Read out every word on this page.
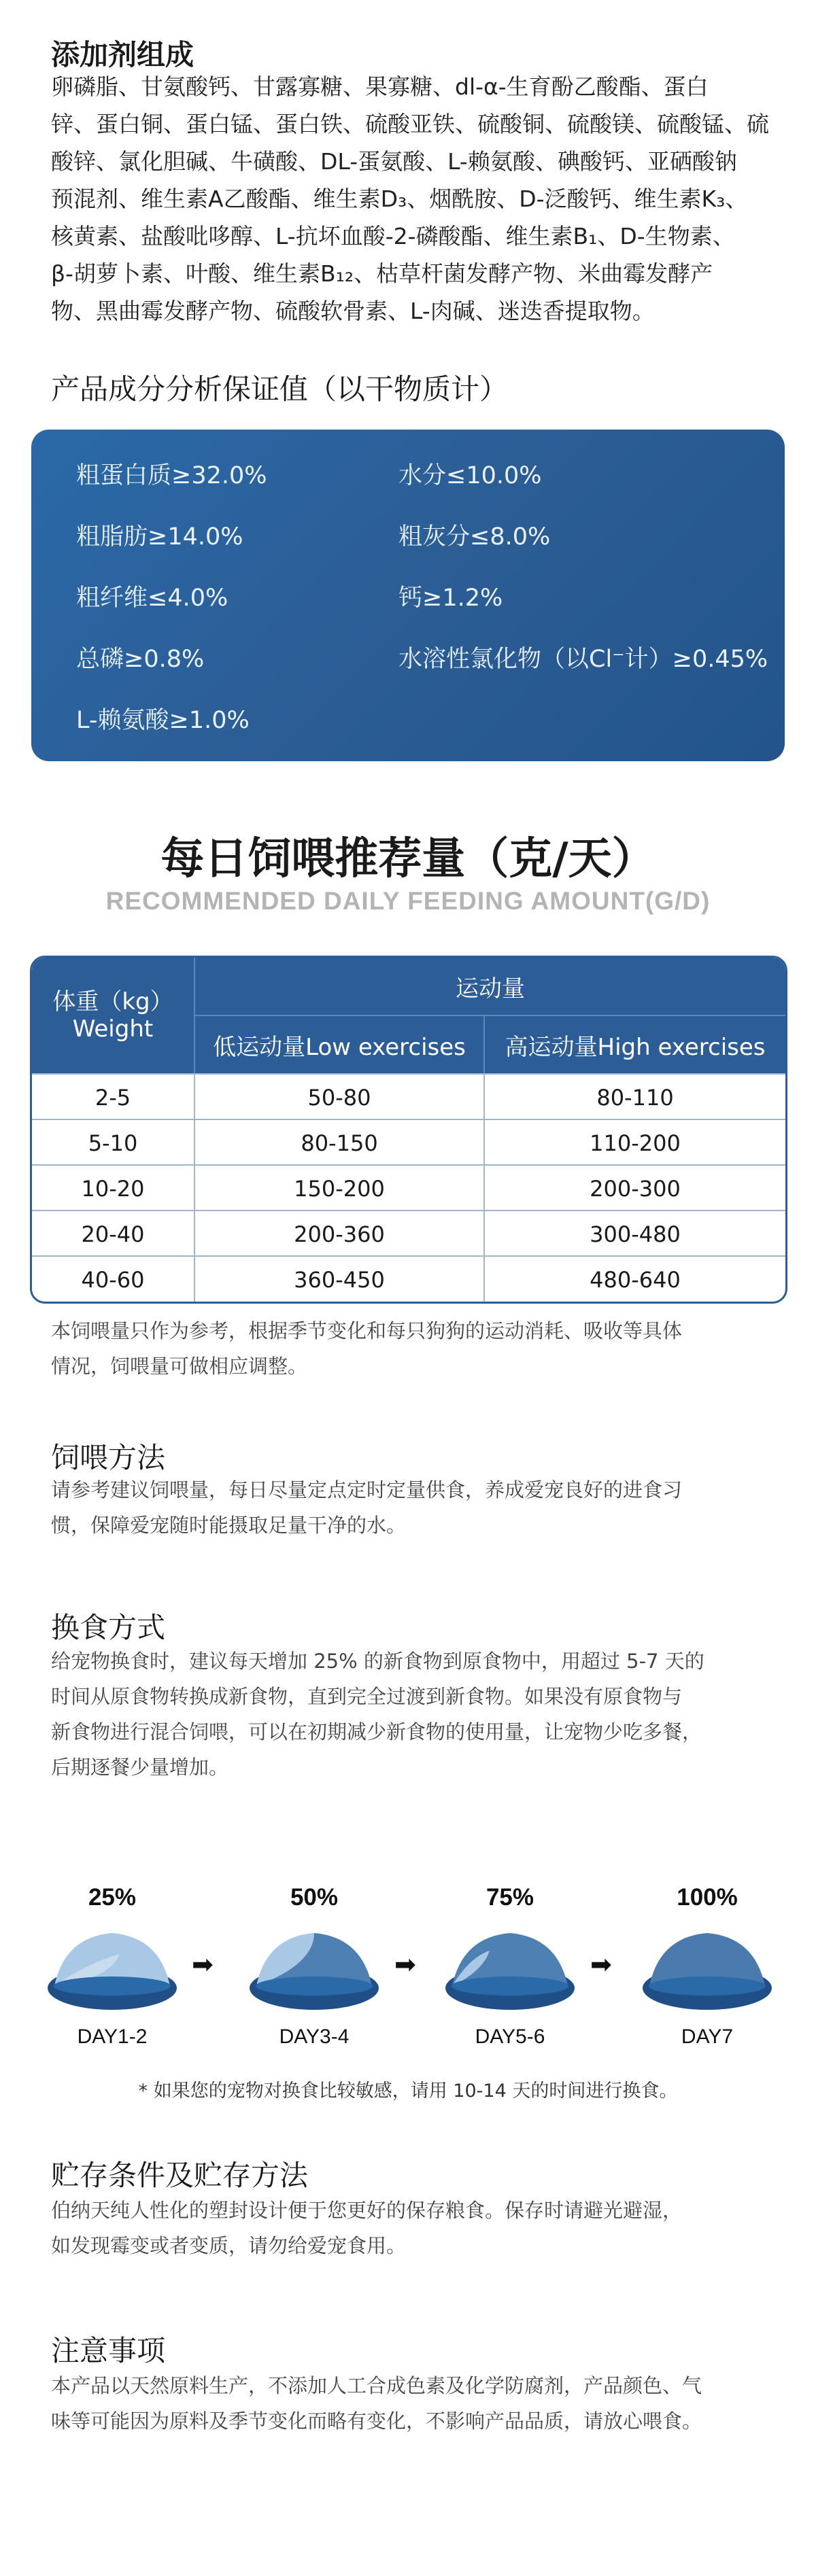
添加剂组成
卵磷脂、甘氨酸钙、甘露寡糖、果寡糖、dl-α-生育酚乙酸酯、蛋白
锌、蛋白铜、蛋白锰、蛋白铁、硫酸亚铁、硫酸铜、硫酸镁、硫酸锰、硫
酸锌、氯化胆碱、牛磺酸、DL-蛋氨酸、L-赖氨酸、碘酸钙、亚硒酸钠
预混剂、维生素A乙酸酯、维生素D₃、烟酰胺、D-泛酸钙、维生素K₃、
核黄素、盐酸吡哆醇、L-抗坏血酸-2-磷酸酯、维生素B₁、D-生物素、
β-胡萝卜素、叶酸、维生素B₁₂、枯草杆菌发酵产物、米曲霉发酵产
物、黑曲霉发酵产物、硫酸软骨素、L-肉碱、迷迭香提取物。
产品成分分析保证值（以干物质计）
粗蛋白质≥32.0%	水分≤10.0%
粗脂肪≥14.0%	粗灰分≤8.0%
粗纤维≤4.0%	钙≥1.2%
总磷≥0.8%	水溶性氯化物（以Cl⁻计）≥0.45%
L-赖氨酸≥1.0%
每日饲喂推荐量（克/天）
RECOMMENDED DAILY FEEDING AMOUNT(G/D)
体重（kg）
Weight
运动量
低运动量Low exercises	高运动量High exercises
2-5	50-80	80-110
5-10	80-150	110-200
10-20	150-200	200-300
20-40	200-360	300-480
40-60	360-450	480-640
本饲喂量只作为参考，根据季节变化和每只狗狗的运动消耗、吸收等具体
情况，饲喂量可做相应调整。
饲喂方法
请参考建议饲喂量，每日尽量定点定时定量供食，养成爱宠良好的进食习
惯，保障爱宠随时能摄取足量干净的水。
换食方式
给宠物换食时，建议每天增加 25% 的新食物到原食物中，用超过 5-7 天的
时间从原食物转换成新食物，直到完全过渡到新食物。如果没有原食物与
新食物进行混合饲喂，可以在初期减少新食物的使用量，让宠物少吃多餐，
后期逐餐少量增加。
25%	50%	75%	100%
➡	➡	➡
DAY1-2	DAY3-4	DAY5-6	DAY7
* 如果您的宠物对换食比较敏感，请用 10-14 天的时间进行换食。
贮存条件及贮存方法
伯纳天纯人性化的塑封设计便于您更好的保存粮食。保存时请避光避湿，
如发现霉变或者变质，请勿给爱宠食用。
注意事项
本产品以天然原料生产，不添加人工合成色素及化学防腐剂，产品颜色、气
味等可能因为原料及季节变化而略有变化，不影响产品品质，请放心喂食。
